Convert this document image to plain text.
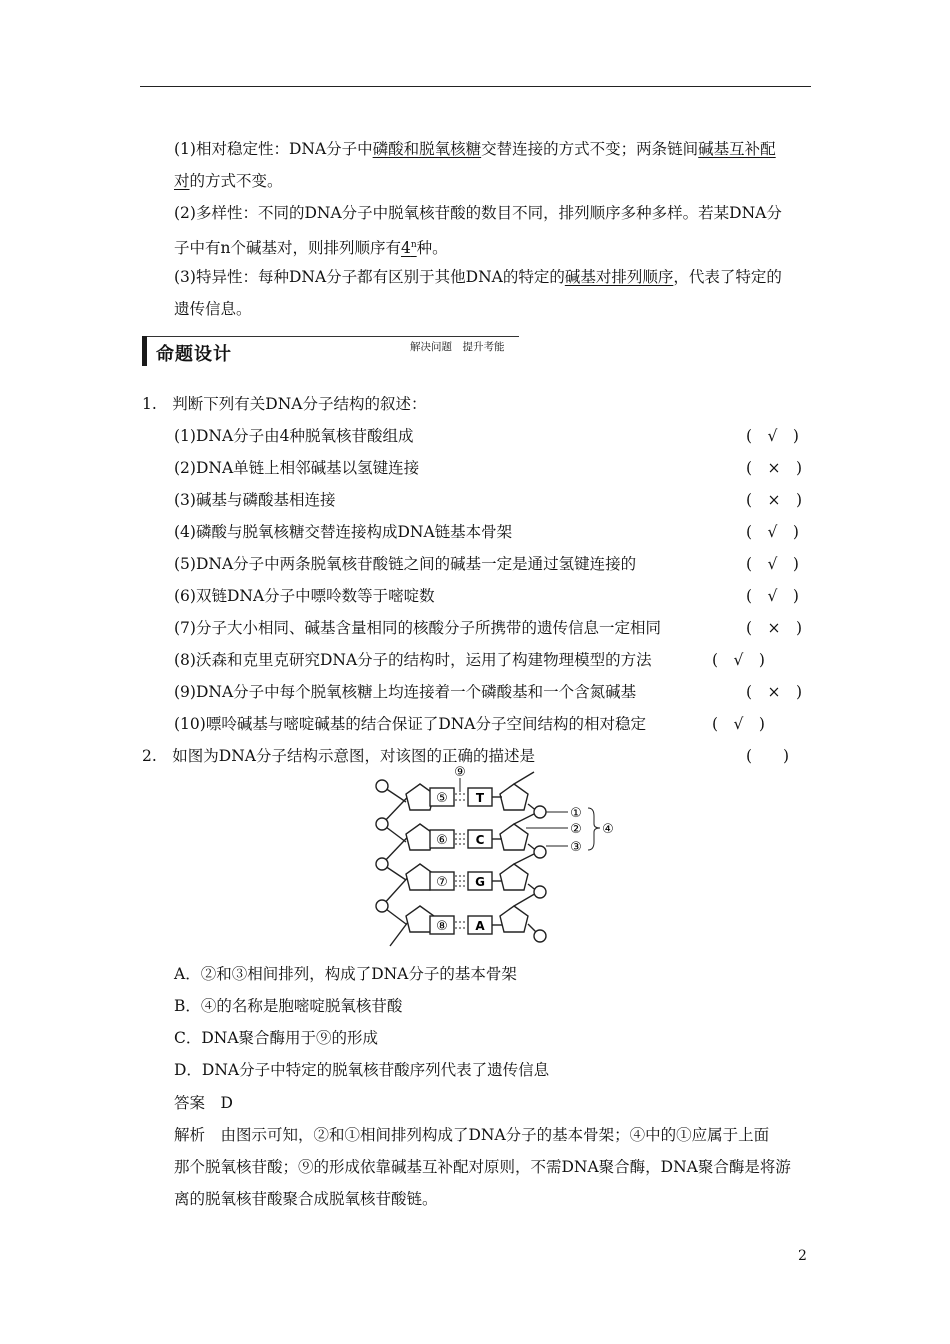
(1)相对稳定性：DNA分子中磷酸和脱氧核糖交替连接的方式不变；两条链间碱基互补配
对的方式不变。
(2)多样性：不同的DNA分子中脱氧核苷酸的数目不同，排列顺序多种多样。若某DNA分
子中有n个碱基对，则排列顺序有4$^n$种。
(3)特异性：每种DNA分子都有区别于其他DNA的特定的碱基对排列顺序，代表了特定的
遗传信息。
命题设计	解决问题　提升考能
1.　判断下列有关DNA分子结构的叙述：
(1)DNA分子由4种脱氧核苷酸组成	(　√　)
(2)DNA单链上相邻碱基以氢键连接	(　×　)
(3)碱基与磷酸基相连接	(　×　)
(4)磷酸与脱氧核糖交替连接构成DNA链基本骨架	(　√　)
(5)DNA分子中两条脱氧核苷酸链之间的碱基一定是通过氢键连接的	(　√　)
(6)双链DNA分子中嘌呤数等于嘧啶数	(　√　)
(7)分子大小相同、碱基含量相同的核酸分子所携带的遗传信息一定相同	(　×　)
(8)沃森和克里克研究DNA分子的结构时，运用了构建物理模型的方法	(　√　)
(9)DNA分子中每个脱氧核糖上均连接着一个磷酸基和一个含氮碱基	(　×　)
(10)嘌呤碱基与嘧啶碱基的结合保证了DNA分子空间结构的相对稳定	(　√　)
2.　如图为DNA分子结构示意图，对该图的正确的描述是	(　　)
⑨
⑤
⑥
⑦
⑧
T
C
G
A
①
②
③
④
A．②和③相间排列，构成了DNA分子的基本骨架
B．④的名称是胞嘧啶脱氧核苷酸
C．DNA聚合酶用于⑨的形成
D．DNA分子中特定的脱氧核苷酸序列代表了遗传信息
答案　D
解析　由图示可知，②和①相间排列构成了DNA分子的基本骨架；④中的①应属于上面
那个脱氧核苷酸；⑨的形成依靠碱基互补配对原则，不需DNA聚合酶，DNA聚合酶是将游
离的脱氧核苷酸聚合成脱氧核苷酸链。
2
